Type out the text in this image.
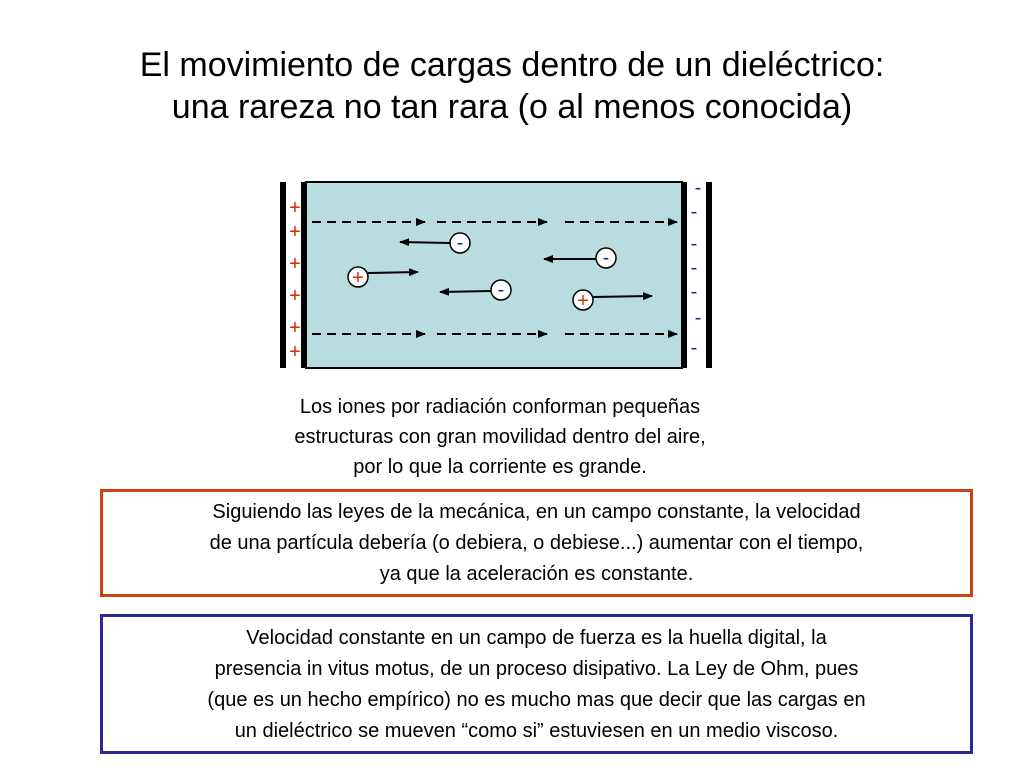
El movimiento de cargas dentro de un dieléctrico:
una rareza no tan rara (o al menos conocida)
+
+
+
+
+
+
-
-
-
-
-
-
-
+
+
-
-
-
Los iones por radiación conforman pequeñas
estructuras con gran movilidad dentro del aire,
por lo que la corriente es grande.
Siguiendo las leyes de la mecánica, en un campo constante, la velocidad
de una partícula debería (o debiera, o debiese...) aumentar con el tiempo,
ya que la aceleración es constante.
Velocidad constante en un campo de fuerza es la huella digital, la
presencia in vitus motus, de un proceso disipativo. La Ley de Ohm, pues
(que es un hecho empírico) no es mucho mas que decir que las cargas en
un dieléctrico se mueven “como si” estuviesen en un medio viscoso.
